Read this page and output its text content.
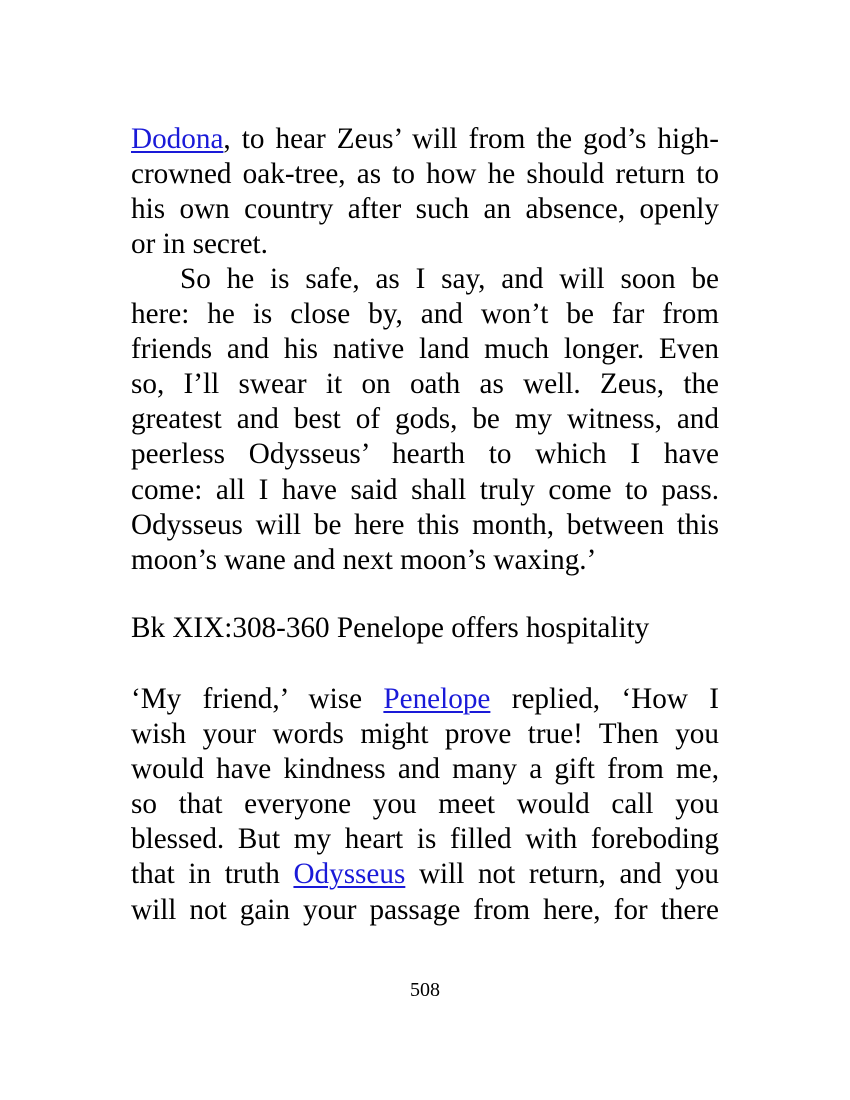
Dodona, to hear Zeus’ will from the god’s high-
crowned oak-tree, as to how he should return to
his own country after such an absence, openly
or in secret.
So he is safe, as I say, and will soon be
here: he is close by, and won’t be far from
friends and his native land much longer. Even
so, I’ll swear it on oath as well. Zeus, the
greatest and best of gods, be my witness, and
peerless Odysseus’ hearth to which I have
come: all I have said shall truly come to pass.
Odysseus will be here this month, between this
moon’s wane and next moon’s waxing.’
Bk XIX:308-360 Penelope offers hospitality
‘My friend,’ wise Penelope replied, ‘How I
wish your words might prove true! Then you
would have kindness and many a gift from me,
so that everyone you meet would call you
blessed. But my heart is filled with foreboding
that in truth Odysseus will not return, and you
will not gain your passage from here, for there
508
